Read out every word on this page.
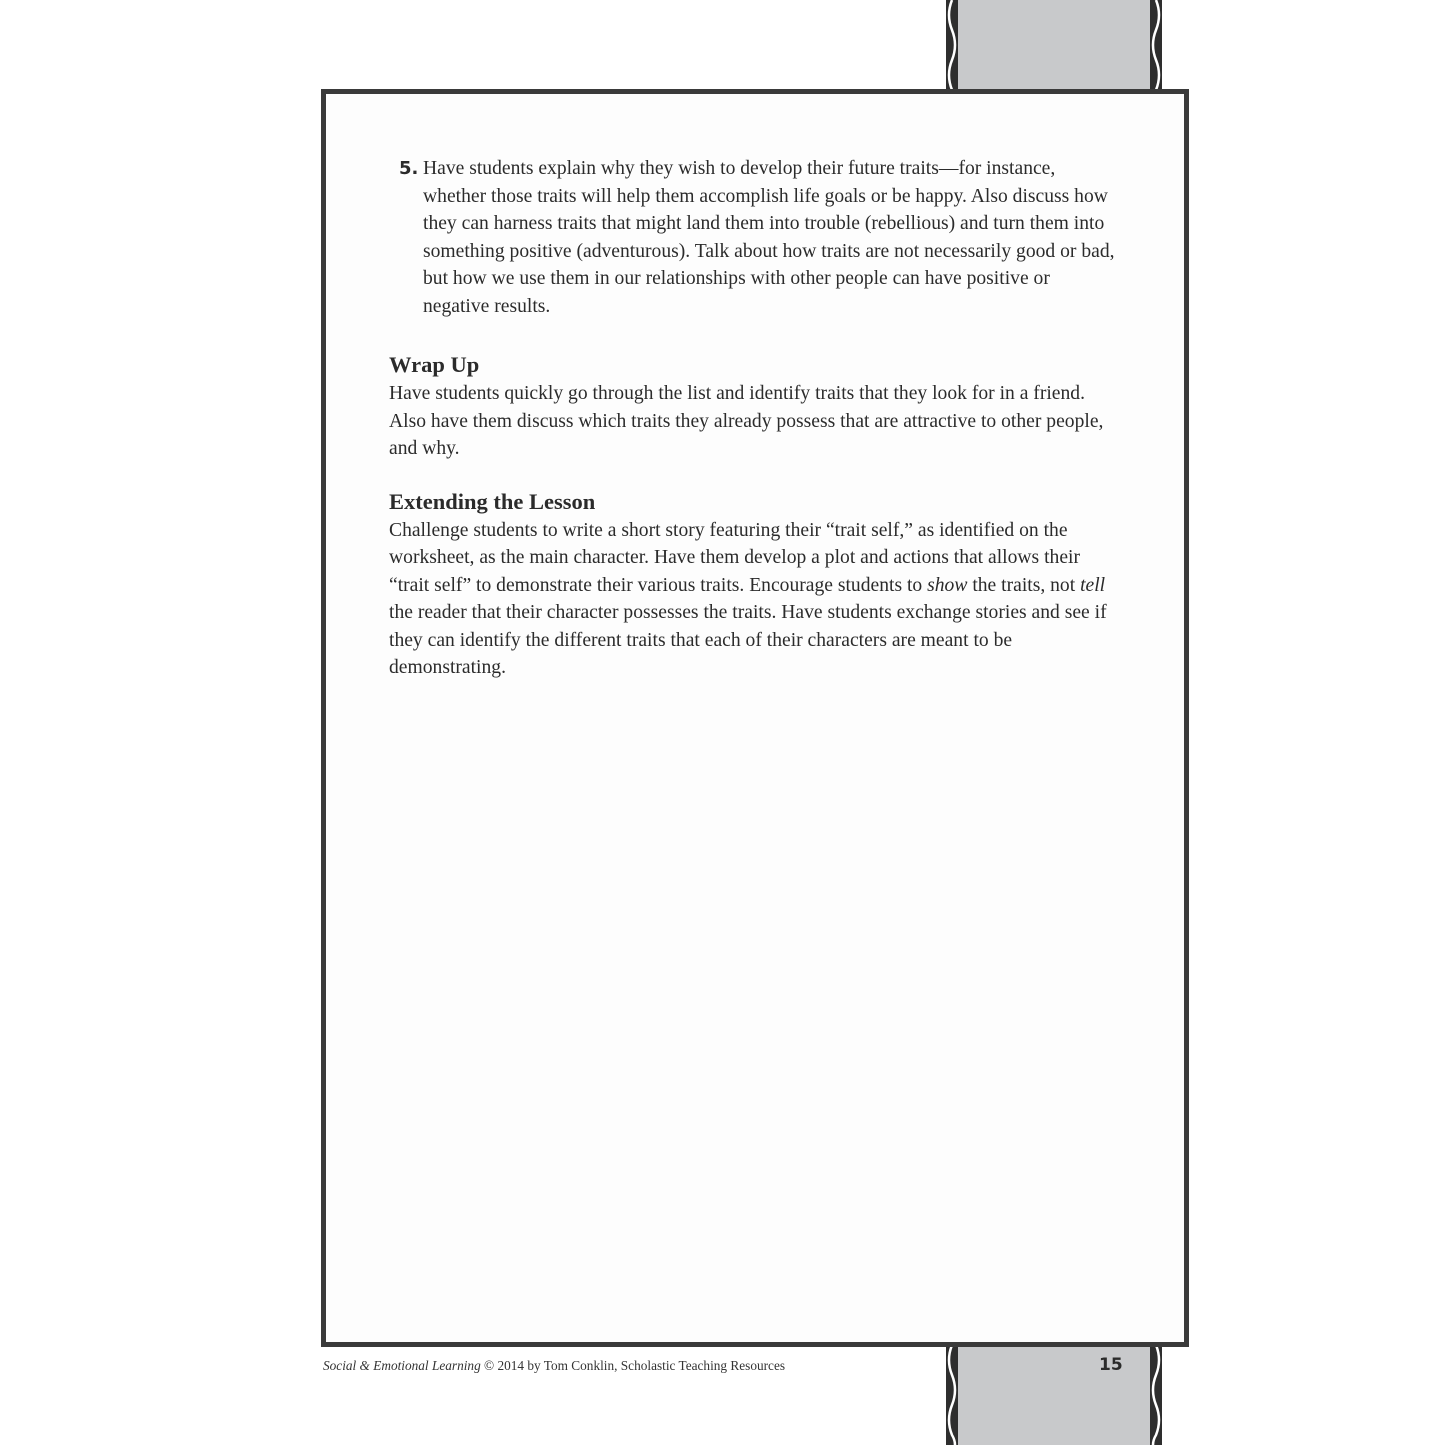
5. Have students explain why they wish to develop their future traits—for instance, whether those traits will help them accomplish life goals or be happy. Also discuss how they can harness traits that might land them into trouble (rebellious) and turn them into something positive (adventurous). Talk about how traits are not necessarily good or bad, but how we use them in our relationships with other people can have positive or negative results.

Wrap Up

Have students quickly go through the list and identify traits that they look for in a friend. Also have them discuss which traits they already possess that are attractive to other people, and why.

Extending the Lesson

Challenge students to write a short story featuring their “trait self,” as identified on the worksheet, as the main character. Have them develop a plot and actions that allows their “trait self” to demonstrate their various traits. Encourage students to show the traits, not tell the reader that their character possesses the traits. Have students exchange stories and see if they can identify the different traits that each of their characters are meant to be demonstrating.

Social & Emotional Learning © 2014 by Tom Conklin, Scholastic Teaching Resources	15
